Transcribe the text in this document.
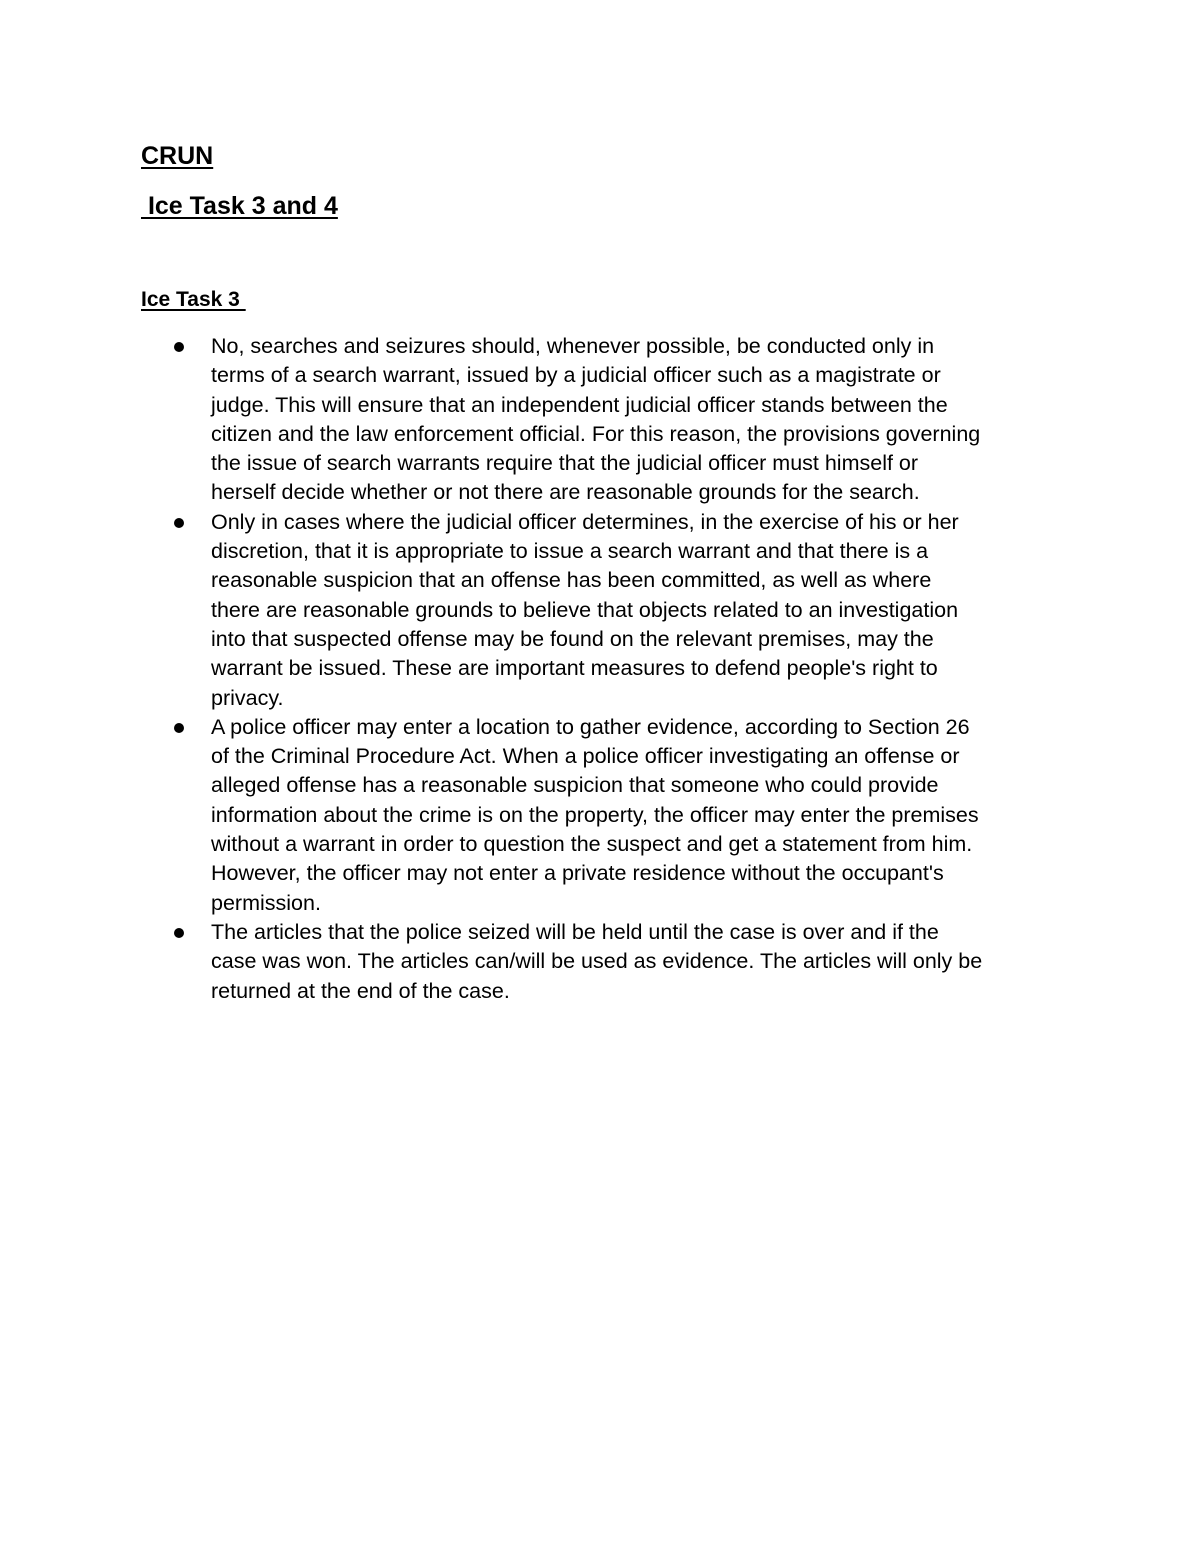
CRUN
Ice Task 3 and 4
Ice Task 3
No, searches and seizures should, whenever possible, be conducted only in
terms of a search warrant, issued by a judicial officer such as a magistrate or
judge. This will ensure that an independent judicial officer stands between the
citizen and the law enforcement official. For this reason, the provisions governing
the issue of search warrants require that the judicial officer must himself or
herself decide whether or not there are reasonable grounds for the search.
Only in cases where the judicial officer determines, in the exercise of his or her
discretion, that it is appropriate to issue a search warrant and that there is a
reasonable suspicion that an offense has been committed, as well as where
there are reasonable grounds to believe that objects related to an investigation
into that suspected offense may be found on the relevant premises, may the
warrant be issued. These are important measures to defend people's right to
privacy.
A police officer may enter a location to gather evidence, according to Section 26
of the Criminal Procedure Act. When a police officer investigating an offense or
alleged offense has a reasonable suspicion that someone who could provide
information about the crime is on the property, the officer may enter the premises
without a warrant in order to question the suspect and get a statement from him.
However, the officer may not enter a private residence without the occupant's
permission.
The articles that the police seized will be held until the case is over and if the
case was won. The articles can/will be used as evidence. The articles will only be
returned at the end of the case.
